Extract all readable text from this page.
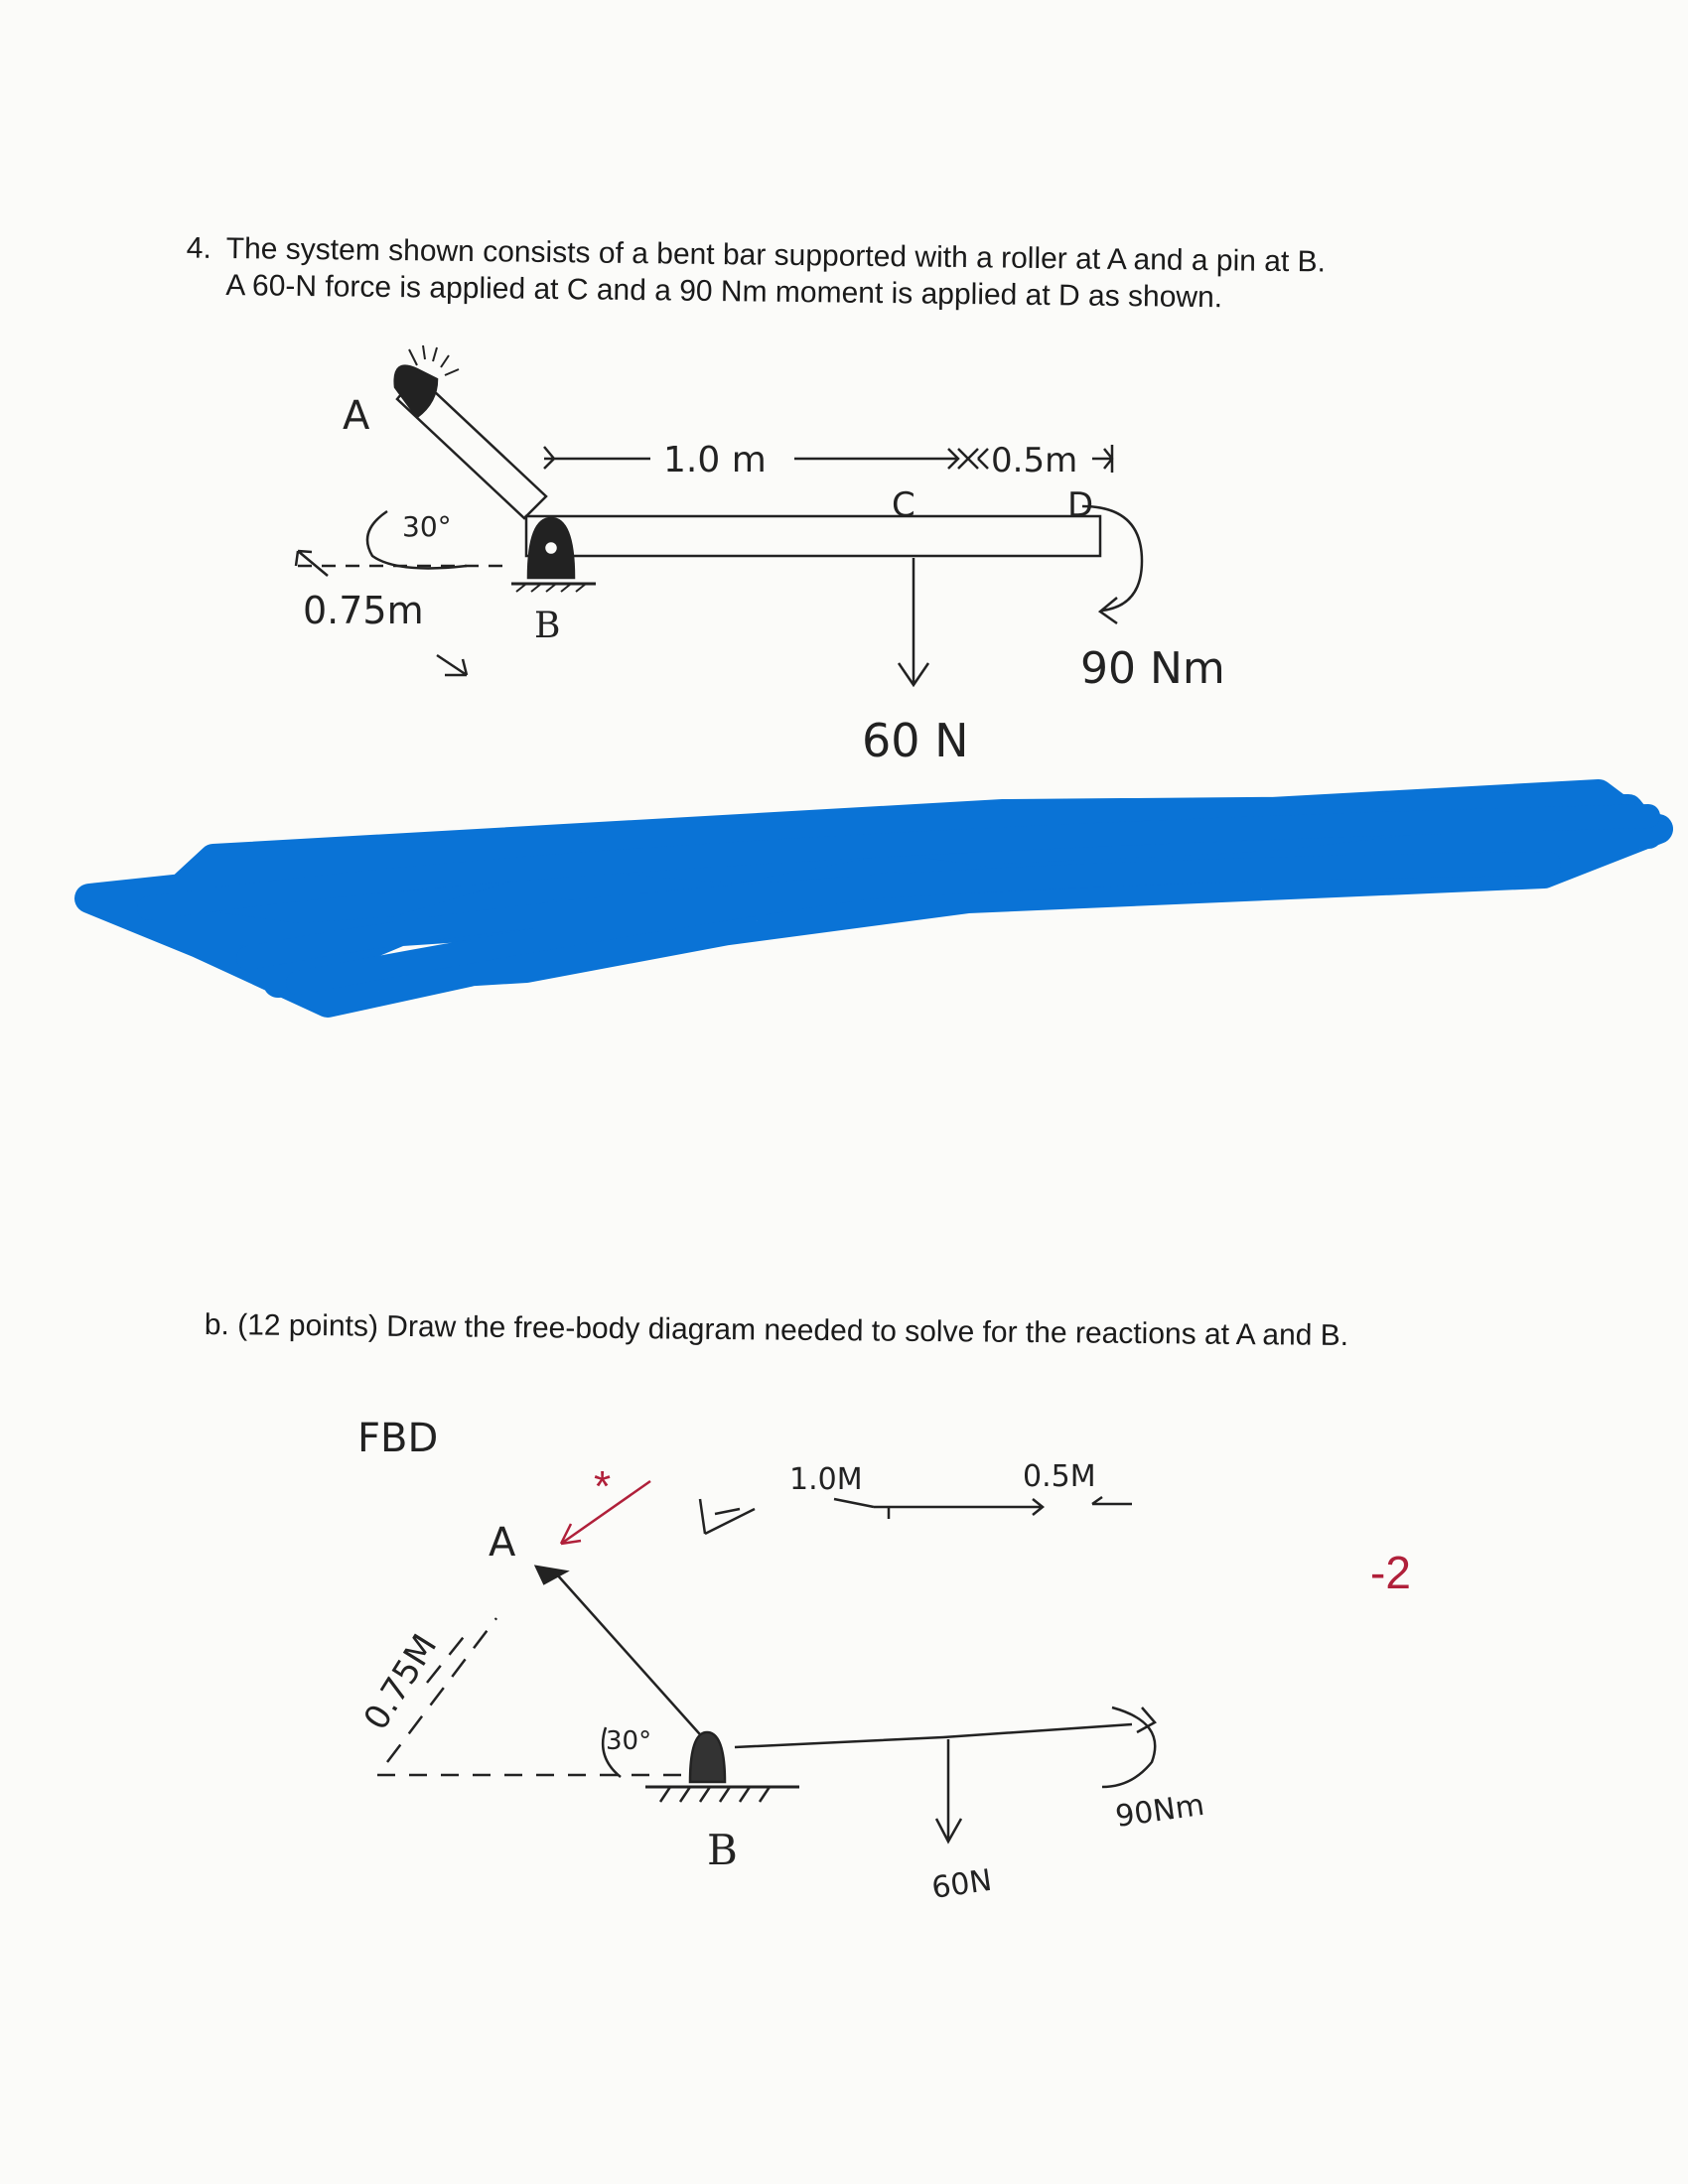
4. The system shown consists of a bent bar supported with a roller at A and a pin at B.
A 60-N force is applied at C and a 90 Nm moment is applied at D as shown.
A
B
C	D
30°
0.75m
1.0 m	0.5m
60 N
90 Nm
b. (12 points) Draw the free-body diagram needed to solve for the reactions at A and B.
FBD
A
B
30°
0.75M
1.0M	0.5M
60N
90Nm
*
-2
